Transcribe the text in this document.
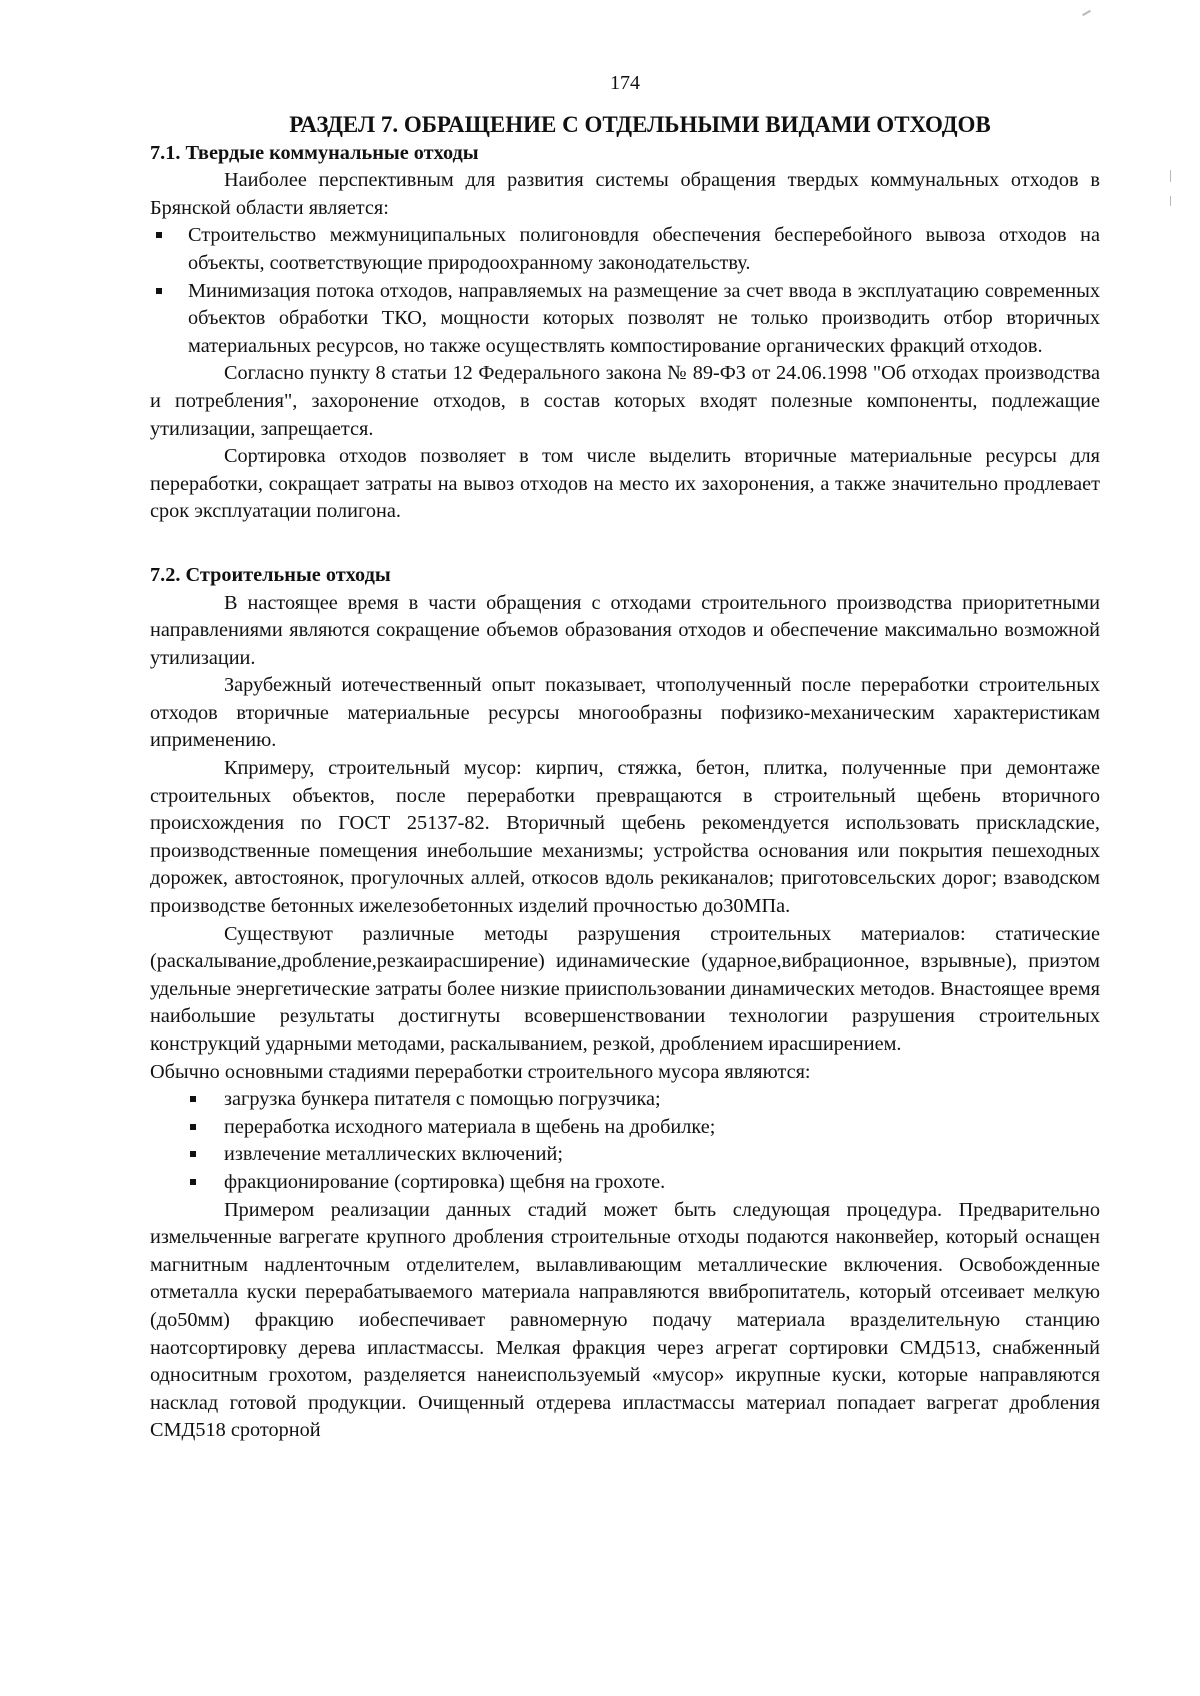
174
РАЗДЕЛ 7. ОБРАЩЕНИЕ С ОТДЕЛЬНЫМИ ВИДАМИ ОТХОДОВ
7.1. Твердые коммунальные отходы

Наиболее перспективным для развития системы обращения твердых коммунальных отходов в Брянской области является:

Строительство межмуниципальных полигоновдля обеспечения бесперебойного вывоза отходов на объекты, соответствующие природоохранному законодательству.
Минимизация потока отходов, направляемых на размещение за счет ввода в эксплуатацию современных объектов обработки ТКО, мощности которых позволят не только производить отбор вторичных материальных ресурсов, но также осуществлять компостирование органических фракций отходов.

Согласно пункту 8 статьи 12 Федерального закона № 89-ФЗ от 24.06.1998 "Об отходах производства и потребления", захоронение отходов, в состав которых входят полезные компоненты, подлежащие утилизации, запрещается.

Сортировка отходов позволяет в том числе выделить вторичные материальные ресурсы для переработки, сокращает затраты на вывоз отходов на место их захоронения, а также значительно продлевает срок эксплуатации полигона.

7.2. Строительные отходы

В настоящее время в части обращения с отходами строительного производства приоритетными направлениями являются сокращение объемов образования отходов и обеспечение максимально возможной утилизации.

Зарубежный иотечественный опыт показывает, чтополученный после переработки строительных отходов вторичные материальные ресурсы многообразны пофизико-механическим характеристикам иприменению.

Кпримеру, строительный мусор: кирпич, стяжка, бетон, плитка, полученные при демонтаже строительных объектов, после переработки превращаются в строительный щебень вторичного происхождения по ГОСТ 25137-82. Вторичный щебень рекомендуется использовать прискладские, производственные помещения инебольшие механизмы; устройства основания или покрытия пешеходных дорожек, автостоянок, прогулочных аллей, откосов вдоль рекиканалов; приготовсельских дорог; взаводском производстве бетонных ижелезобетонных изделий прочностью до30МПа.

Существуют различные методы разрушения строительных материалов: статические (раскалывание,дробление,резкаирасширение) идинамические (ударное,вибрационное, взрывные), приэтом удельные энергетические затраты более низкие прииспользовании динамических методов. Внастоящее время наибольшие результаты достигнуты всовершенствовании технологии разрушения строительных конструкций ударными методами, раскалыванием, резкой, дроблением ирасширением.

Обычно основными стадиями переработки строительного мусора являются:

загрузка бункера питателя с помощью погрузчика;
переработка исходного материала в щебень на дробилке;
извлечение металлических включений;
фракционирование (сортировка) щебня на грохоте.

Примером реализации данных стадий может быть следующая процедура. Предварительно измельченные вагрегате крупного дробления строительные отходы подаются наконвейер, который оснащен магнитным надленточным отделителем, вылавливающим металлические включения. Освобожденные отметалла куски перерабатываемого материала направляются ввибропитатель, который отсеивает мелкую (до50мм) фракцию иобеспечивает равномерную подачу материала вразделительную станцию наотсортировку дерева ипластмассы. Мелкая фракция через агрегат сортировки СМД513, снабженный односитным грохотом, разделяется нанеиспользуемый «мусор» икрупные куски, которые направляются насклад готовой продукции. Очищенный отдерева ипластмассы материал попадает вагрегат дробления СМД518 сроторной
